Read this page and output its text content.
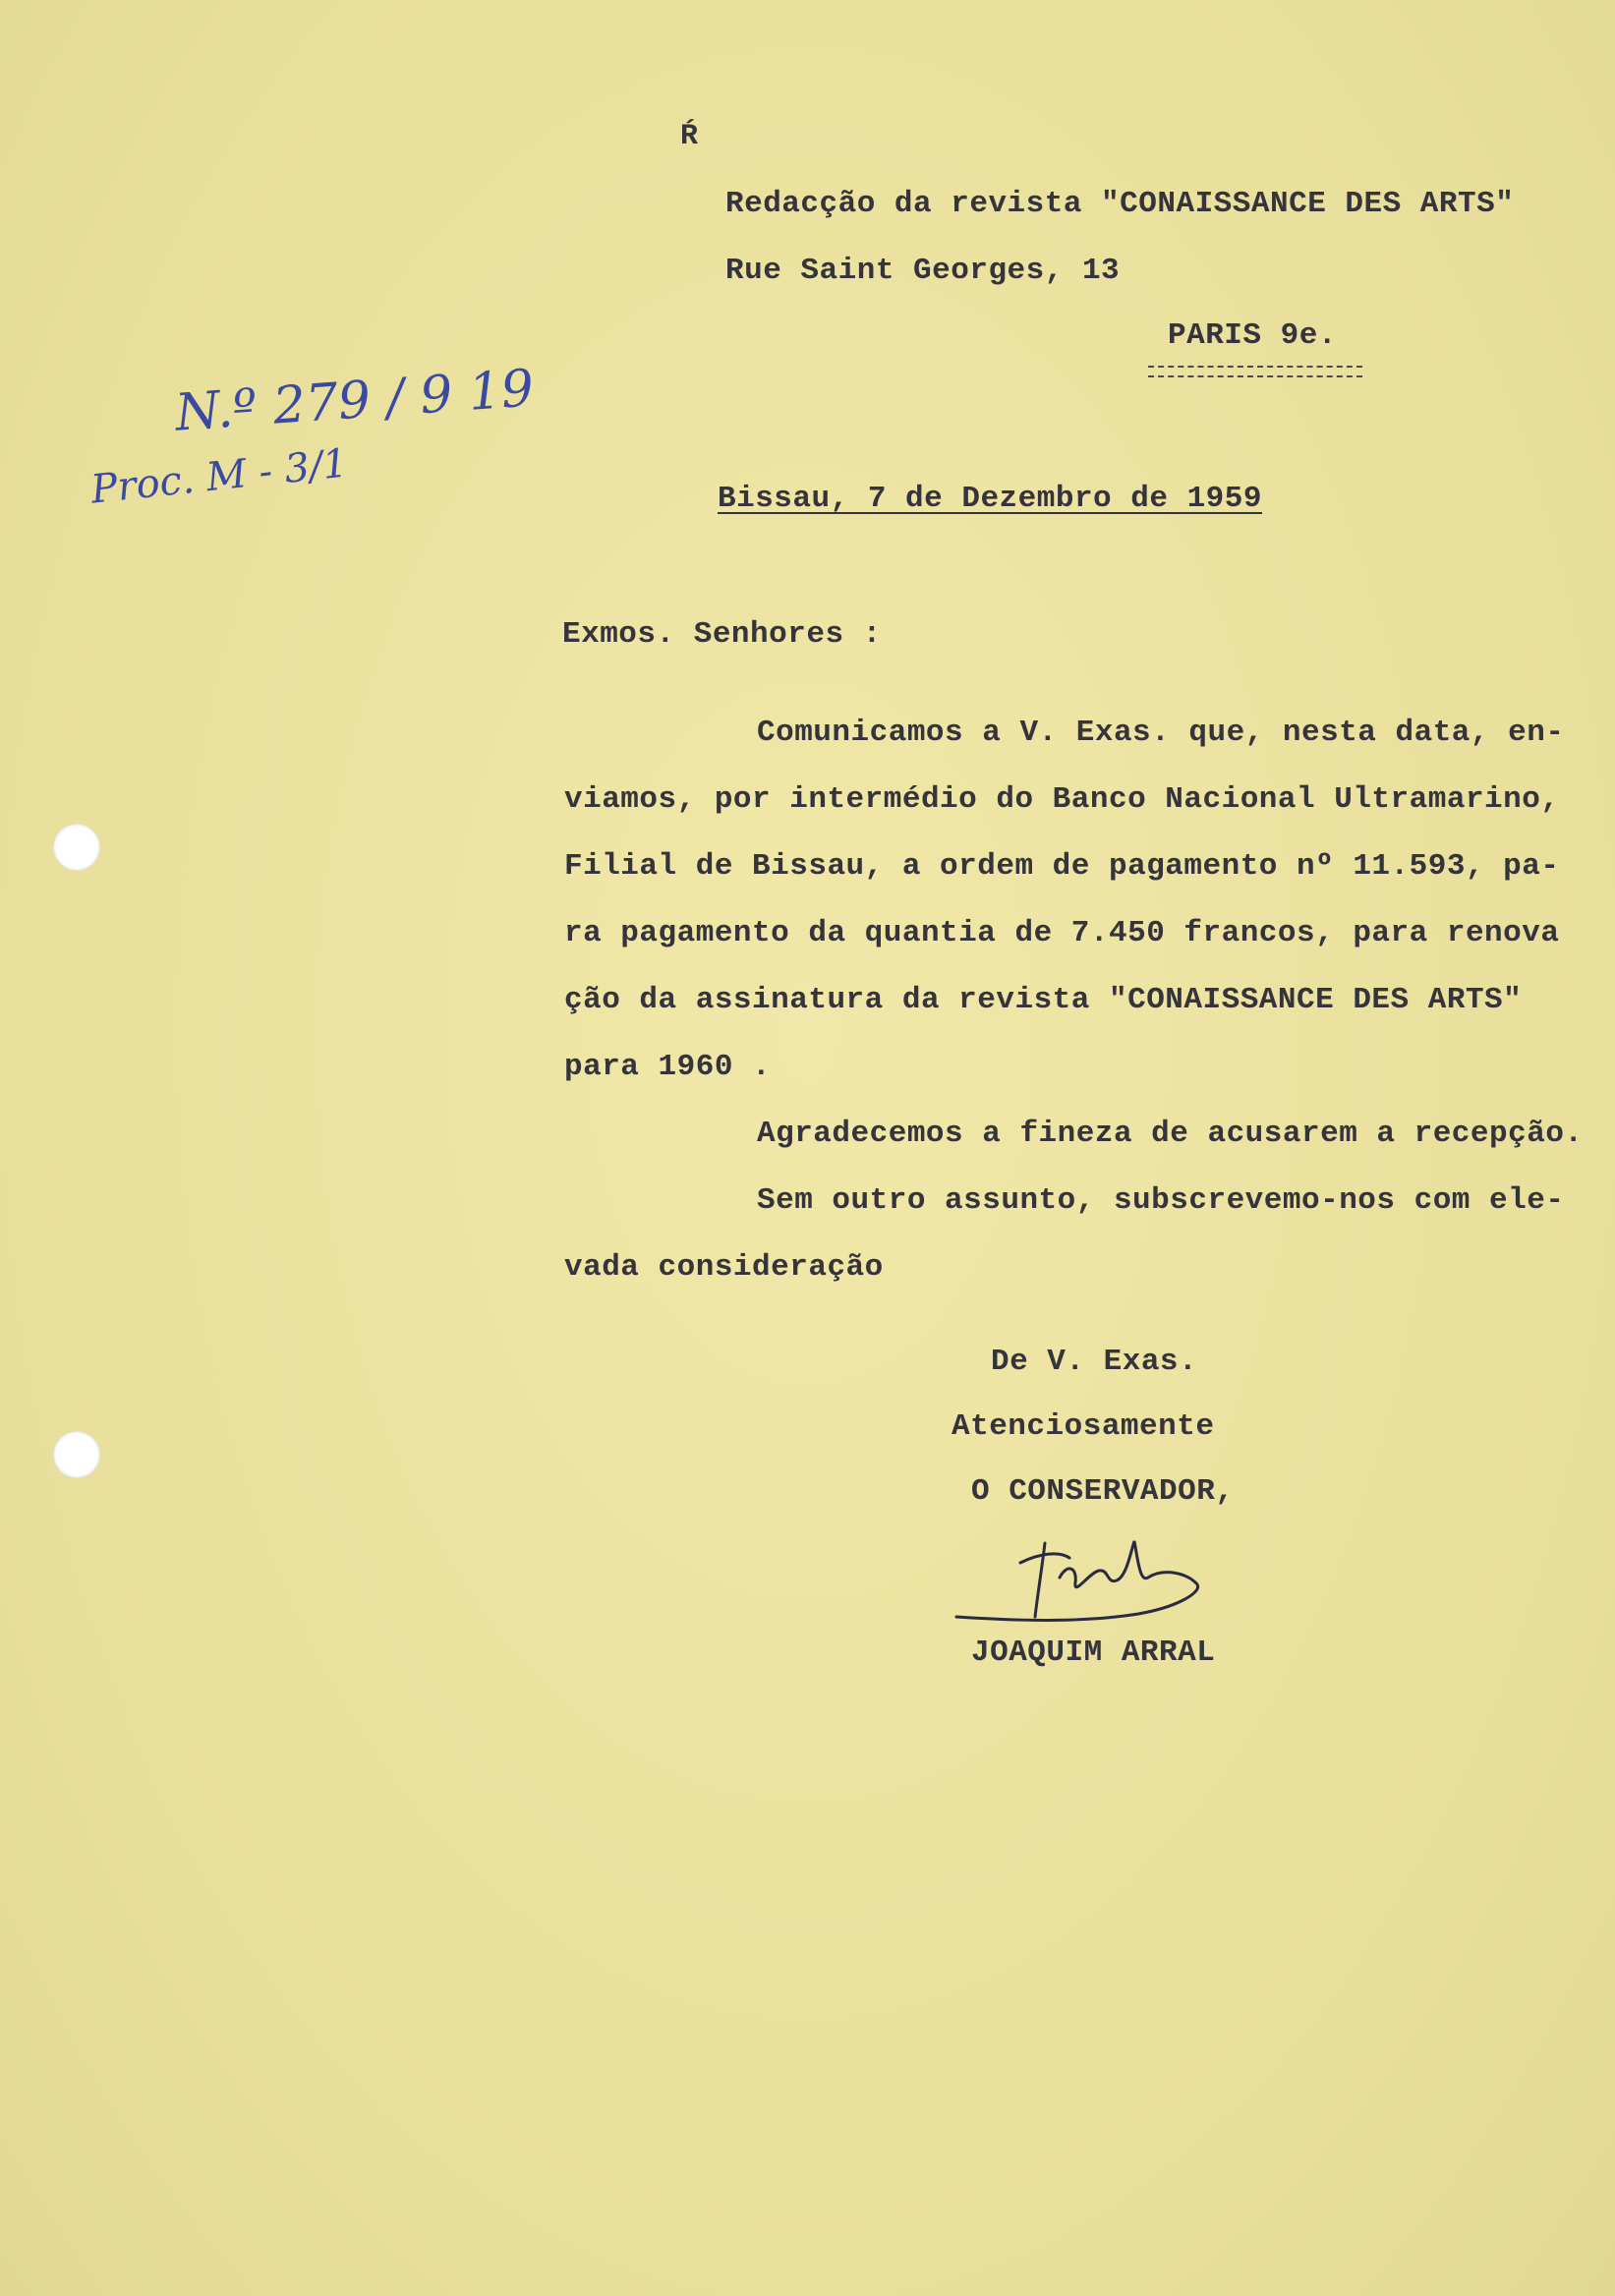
Ŕ
Redacção da revista "CONAISSANCE DES ARTS"
Rue Saint Georges, 13
PARIS 9e.
N.º 279 / 9 19
Proc. M - 3/1	Bissau, 7 de Dezembro de 1959
Exmos. Senhores :
Comunicamos a V. Exas. que, nesta data, en-
viamos, por intermédio do Banco Nacional Ultramarino,
Filial de Bissau, a ordem de pagamento nº 11.593, pa-
ra pagamento da quantia de 7.450 francos, para renova
ção da assinatura da revista "CONAISSANCE DES ARTS"
para 1960 .
Agradecemos a fineza de acusarem a recepção.
Sem outro assunto, subscrevemo-nos com ele-
vada consideração
De V. Exas.
Atenciosamente
O CONSERVADOR,
JOAQUIM ARRAL
